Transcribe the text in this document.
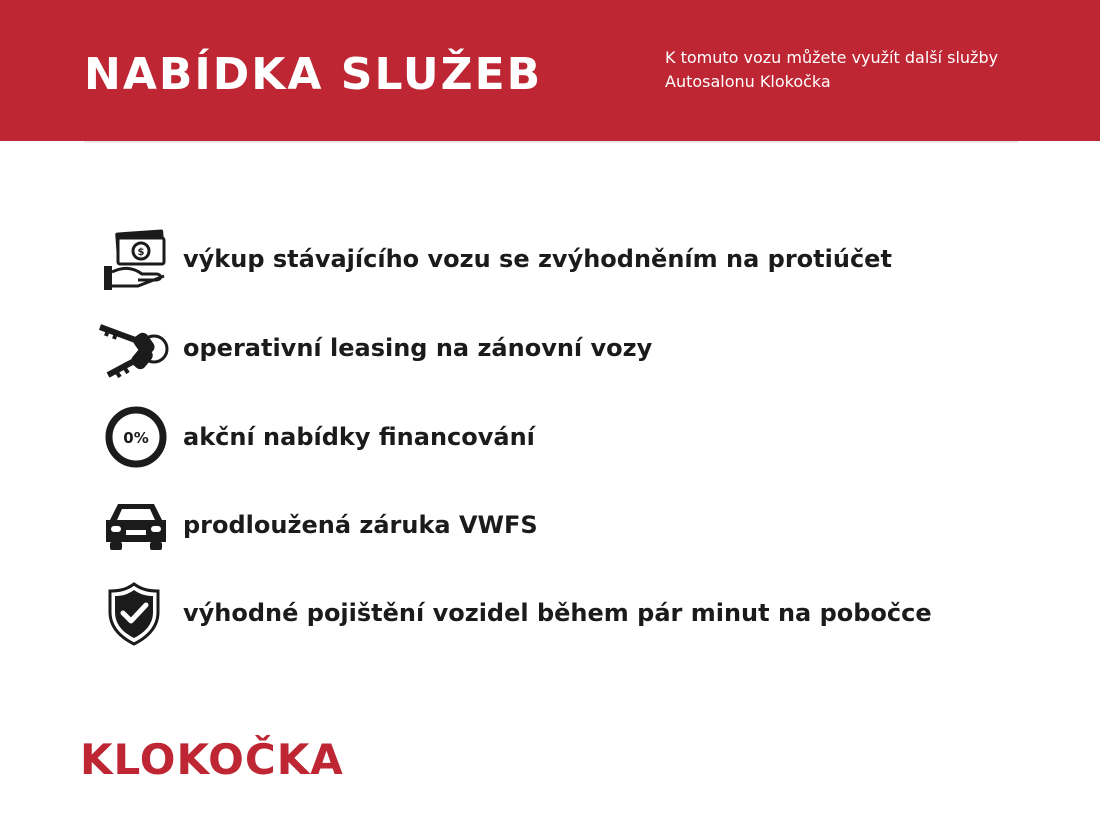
NABÍDKA SLUŽEB	K tomuto vozu můžete využít další služby
Autosalonu Klokočka
$ výkup stávajícího vozu se zvýhodněním na protiúčet
operativní leasing na zánovní vozy
0% akční nabídky financování
prodloužená záruka VWFS
výhodné pojištění vozidel během pár minut na pobočce
KLOKOČKA
